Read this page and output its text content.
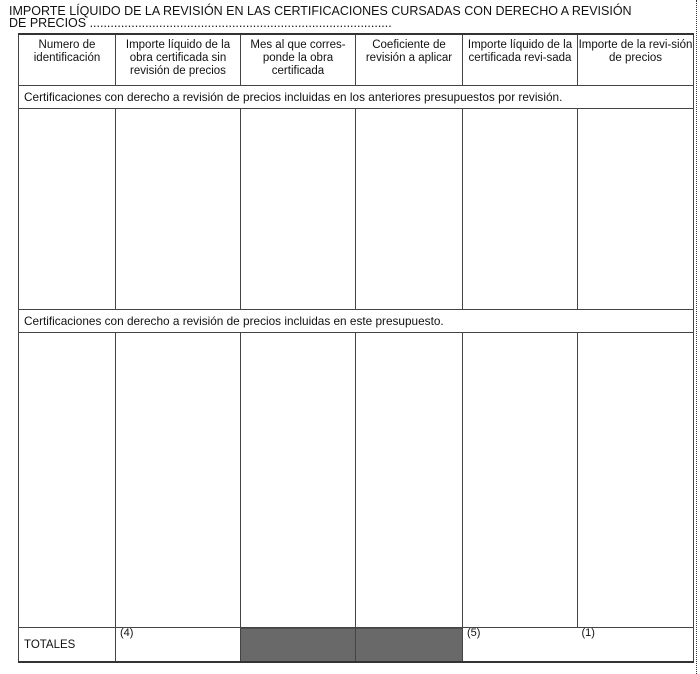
IMPORTE LÍQUIDO DE LA REVISIÓN EN LAS CERTIFICACIONES CURSADAS CON DERECHO A REVISIÓN
DE PRECIOS .......................................................................................
Numero de identificación	Importe líquido de la obra certificada sin revisión de precios	Mes al que corres-ponde la obra certificada	Coeficiente de revisión a aplicar	Importe líquido de la certificada revi-sada	Importe de la revi-sión de precios
Certificaciones con derecho a revisión de precios incluidas en los anteriores presupuestos por revisión.					

Certificaciones con derecho a revisión de precios incluidas en este presupuesto.					

TOTALES	(4)			(5)	(1)
